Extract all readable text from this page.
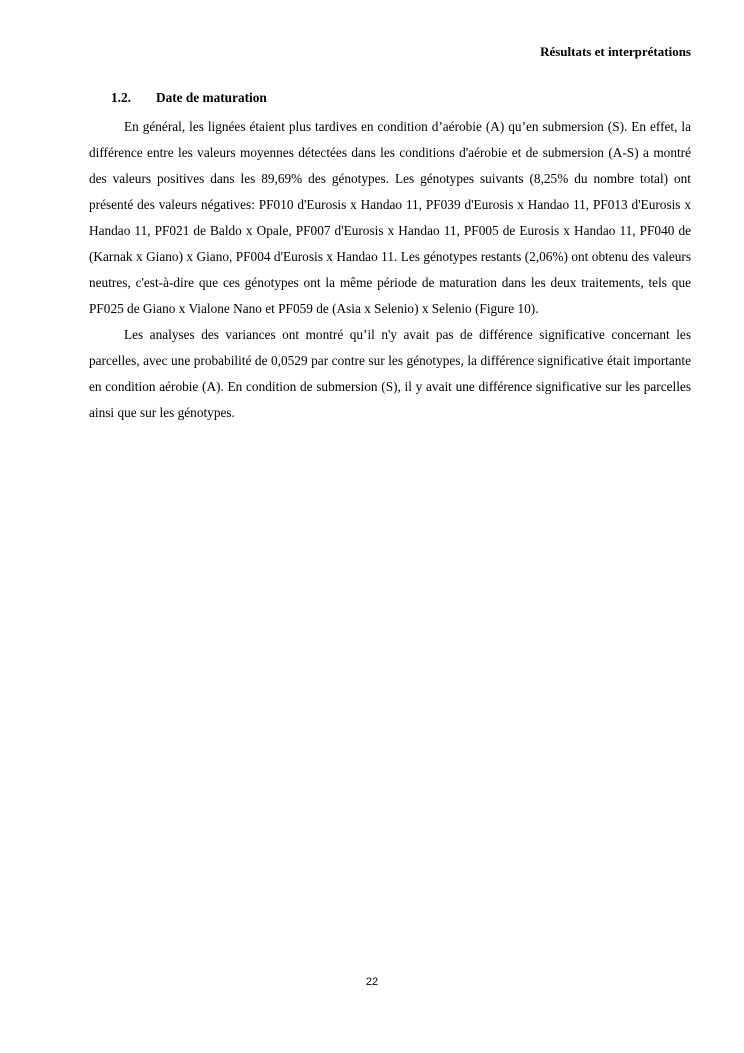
Résultats et interprétations
1.2. Date de maturation

En général, les lignées étaient plus tardives en condition d’aérobie (A) qu’en submersion (S). En effet, la différence entre les valeurs moyennes détectées dans les conditions d'aérobie et de submersion (A-S) a montré des valeurs positives dans les 89,69% des génotypes. Les génotypes suivants (8,25% du nombre total) ont présenté des valeurs négatives: PF010 d'Eurosis x Handao 11, PF039 d'Eurosis x Handao 11, PF013 d'Eurosis x Handao 11, PF021 de Baldo x Opale, PF007 d'Eurosis x Handao 11, PF005 de Eurosis x Handao 11, PF040 de (Karnak x Giano) x Giano, PF004 d'Eurosis x Handao 11. Les génotypes restants (2,06%) ont obtenu des valeurs neutres, c'est-à-dire que ces génotypes ont la même période de maturation dans les deux traitements, tels que PF025 de Giano x Vialone Nano et PF059 de (Asia x Selenio) x Selenio (Figure 10).

Les analyses des variances ont montré qu’il n'y avait pas de différence significative concernant les parcelles, avec une probabilité de 0,0529 par contre sur les génotypes, la différence significative était importante en condition aérobie (A). En condition de submersion (S), il y avait une différence significative sur les parcelles ainsi que sur les génotypes.

22
